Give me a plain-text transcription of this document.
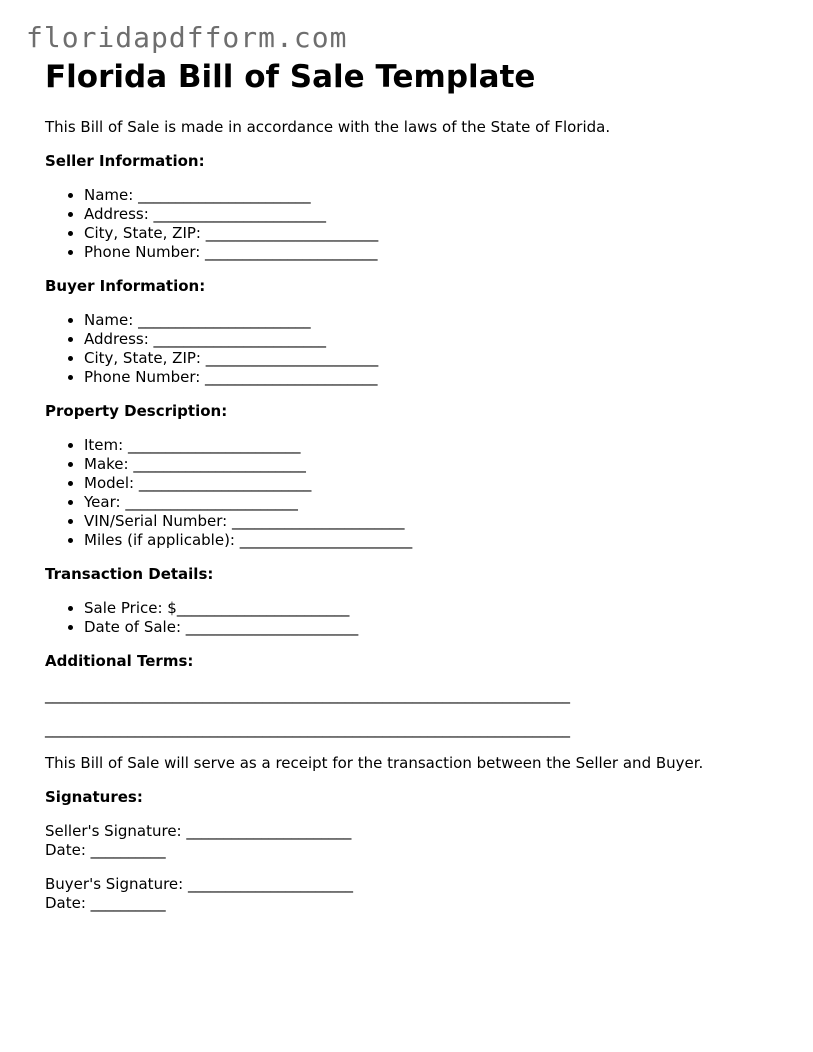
floridapdfform.com
Florida Bill of Sale Template

This Bill of Sale is made in accordance with the laws of the State of Florida.

Seller Information:

• Name: _______________________
• Address: _______________________
• City, State, ZIP: _______________________
• Phone Number: _______________________

Buyer Information:

• Name: _______________________
• Address: _______________________
• City, State, ZIP: _______________________
• Phone Number: _______________________

Property Description:

• Item: _______________________
• Make: _______________________
• Model: _______________________
• Year: _______________________
• VIN/Serial Number: _______________________
• Miles (if applicable): _______________________

Transaction Details:

• Sale Price: $_______________________
• Date of Sale: _______________________

Additional Terms:

______________________________________________________________________

______________________________________________________________________

This Bill of Sale will serve as a receipt for the transaction between the Seller and Buyer.

Signatures:

Seller's Signature: ______________________

Date: __________

Buyer's Signature: ______________________

Date: __________
